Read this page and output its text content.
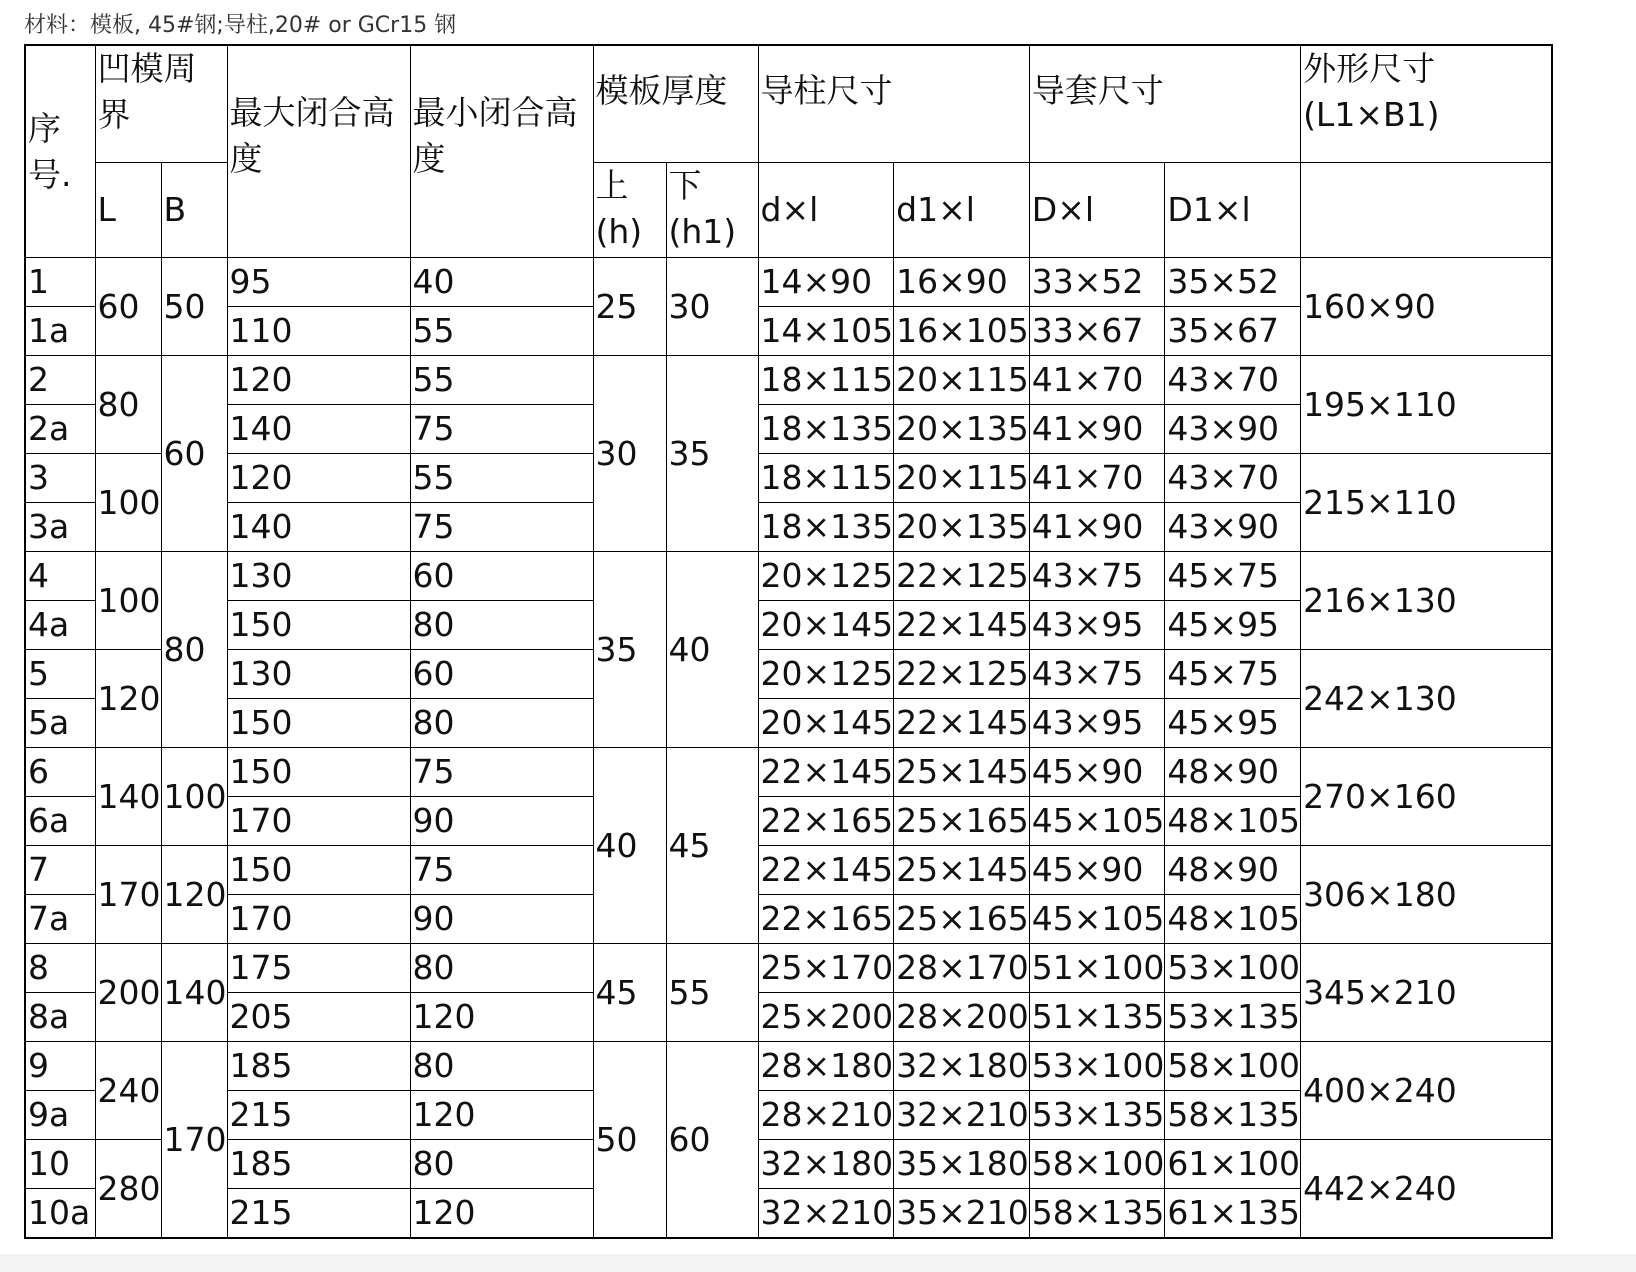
材料：模板, 45#钢;导柱,20# or GCr15 钢
序号.	凹模周界		最大闭合高度	最小闭合高度	模板厚度		导柱尺寸		导套尺寸		外形尺寸(L1×B1)
	L	B			上(h)	下(h1)	d×l	d1×l	D×l	D1×l	
1	60	50	95	40	25	30	14×90	16×90	33×52	35×52	160×90
1a			110	55			14×105	16×105	33×67	35×67	
2	80	60	120	55	30	35	18×115	20×115	41×70	43×70	195×110
2a			140	75			18×135	20×135	41×90	43×90	
3	100		120	55			18×115	20×115	41×70	43×70	215×110
3a			140	75			18×135	20×135	41×90	43×90	
4	100	80	130	60	35	40	20×125	22×125	43×75	45×75	216×130
4a			150	80			20×145	22×145	43×95	45×95	
5	120		130	60			20×125	22×125	43×75	45×75	242×130
5a			150	80			20×145	22×145	43×95	45×95	
6	140	100	150	75	40	45	22×145	25×145	45×90	48×90	270×160
6a			170	90			22×165	25×165	45×105	48×105	
7	170	120	150	75			22×145	25×145	45×90	48×90	306×180
7a			170	90			22×165	25×165	45×105	48×105	
8	200	140	175	80	45	55	25×170	28×170	51×100	53×100	345×210
8a			205	120			25×200	28×200	51×135	53×135	
9	240	170	185	80	50	60	28×180	32×180	53×100	58×100	400×240
9a			215	120			28×210	32×210	53×135	58×135	
10	280		185	80			32×180	35×180	58×100	61×100	442×240
10a			215	120			32×210	35×210	58×135	61×135	
